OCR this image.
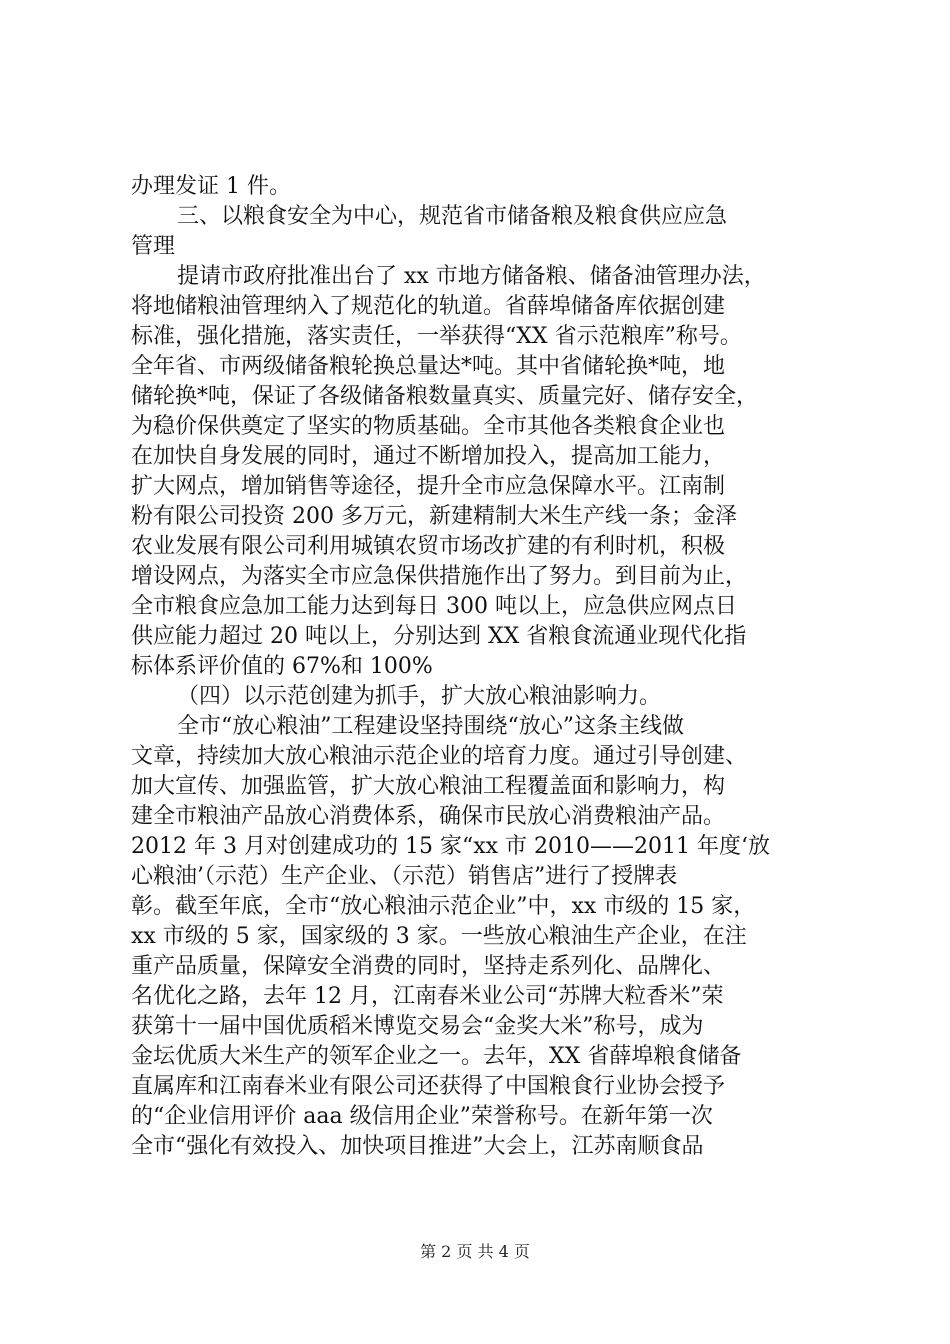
办理发证 1 件。
三、以粮食安全为中心，规范省市储备粮及粮食供应应急
管理
提请市政府批准出台了 xx 市地方储备粮、储备油管理办法，
将地储粮油管理纳入了规范化的轨道。省薛埠储备库依据创建
标准，强化措施，落实责任，一举获得“XX 省示范粮库”称号。
全年省、市两级储备粮轮换总量达*吨。其中省储轮换*吨，地
储轮换*吨，保证了各级储备粮数量真实、质量完好、储存安全，
为稳价保供奠定了坚实的物质基础。全市其他各类粮食企业也
在加快自身发展的同时，通过不断增加投入，提高加工能力，
扩大网点，增加销售等途径，提升全市应急保障水平。江南制
粉有限公司投资 200 多万元，新建精制大米生产线一条；金泽
农业发展有限公司利用城镇农贸市场改扩建的有利时机，积极
增设网点，为落实全市应急保供措施作出了努力。到目前为止，
全市粮食应急加工能力达到每日 300 吨以上，应急供应网点日
供应能力超过 20 吨以上，分别达到 XX 省粮食流通业现代化指
标体系评价值的 67%和 100%
（四）以示范创建为抓手，扩大放心粮油影响力。
全市“放心粮油”工程建设坚持围绕“放心”这条主线做
文章，持续加大放心粮油示范企业的培育力度。通过引导创建、
加大宣传、加强监管，扩大放心粮油工程覆盖面和影响力，构
建全市粮油产品放心消费体系，确保市民放心消费粮油产品。
2012 年 3 月对创建成功的 15 家“xx 市 2010——2011 年度‘放
心粮油’（示范）生产企业、（示范）销售店”进行了授牌表
彰。截至年底，全市“放心粮油示范企业”中，xx 市级的 15 家，
xx 市级的 5 家，国家级的 3 家。一些放心粮油生产企业，在注
重产品质量，保障安全消费的同时，坚持走系列化、品牌化、
名优化之路，去年 12 月，江南春米业公司“苏牌大粒香米”荣
获第十一届中国优质稻米博览交易会“金奖大米”称号，成为
金坛优质大米生产的领军企业之一。去年，XX 省薛埠粮食储备
直属库和江南春米业有限公司还获得了中国粮食行业协会授予
的“企业信用评价 aaa 级信用企业”荣誉称号。在新年第一次
全市“强化有效投入、加快项目推进”大会上，江苏南顺食品
第 2 页 共 4 页
